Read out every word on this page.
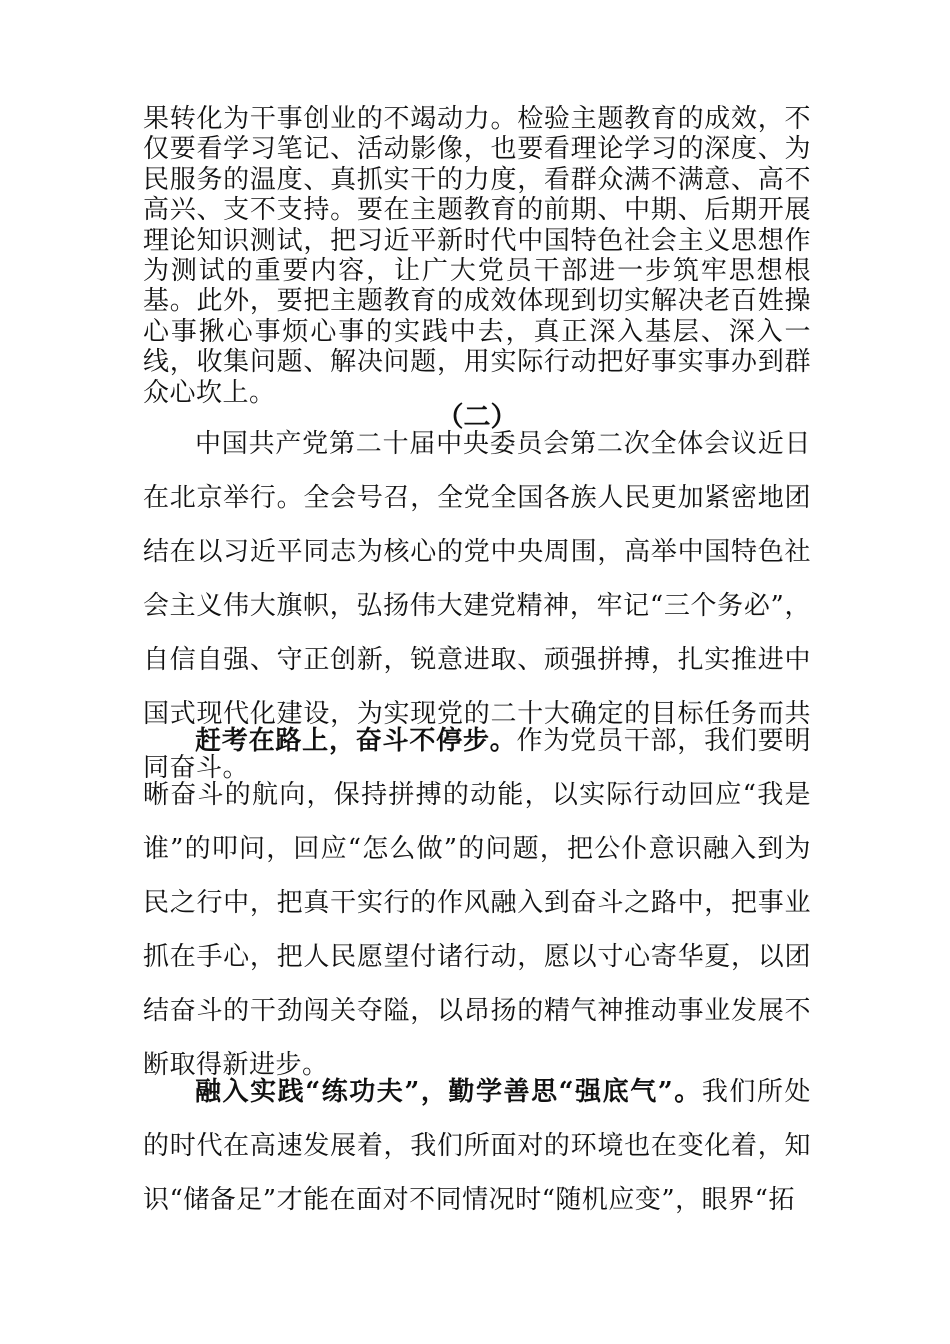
果转化为干事创业的不竭动力。检验主题教育的成效，不仅要看学习笔记、活动影像，也要看理论学习的深度、为民服务的温度、真抓实干的力度，看群众满不满意、高不高兴、支不支持。要在主题教育的前期、中期、后期开展理论知识测试，把习近平新时代中国特色社会主义思想作为测试的重要内容，让广大党员干部进一步筑牢思想根基。此外，要把主题教育的成效体现到切实解决老百姓操心事揪心事烦心事的实践中去，真正深入基层、深入一线，收集问题、解决问题，用实际行动把好事实事办到群众心坎上。

（二）

中国共产党第二十届中央委员会第二次全体会议近日在北京举行。全会号召，全党全国各族人民更加紧密地团结在以习近平同志为核心的党中央周围，高举中国特色社会主义伟大旗帜，弘扬伟大建党精神，牢记“三个务必”，自信自强、守正创新，锐意进取、顽强拼搏，扎实推进中国式现代化建设，为实现党的二十大确定的目标任务而共同奋斗。

赶考在路上，奋斗不停步。作为党员干部，我们要明晰奋斗的航向，保持拼搏的动能，以实际行动回应“我是谁”的叩问，回应“怎么做”的问题，把公仆意识融入到为民之行中，把真干实行的作风融入到奋斗之路中，把事业抓在手心，把人民愿望付诸行动，愿以寸心寄华夏，以团结奋斗的干劲闯关夺隘，以昂扬的精气神推动事业发展不断取得新进步。

融入实践“练功夫”，勤学善思“强底气”。我们所处的时代在高速发展着，我们所面对的环境也在变化着，知识“储备足”才能在面对不同情况时“随机应变”，眼界“拓
